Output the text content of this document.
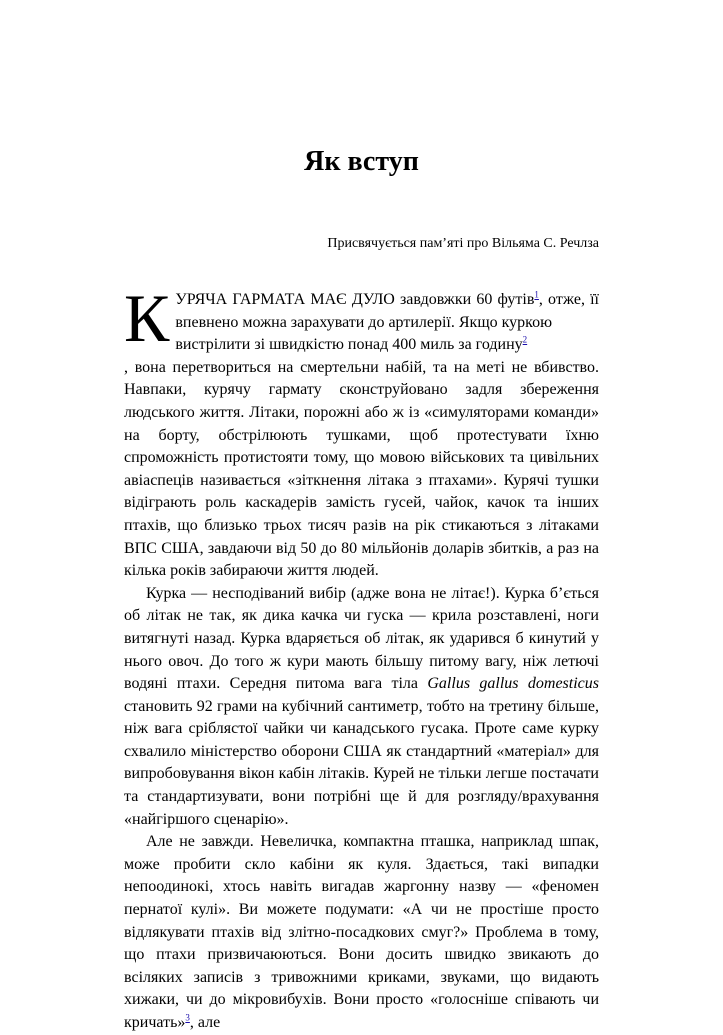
Як вступ
Присвячується пам’яті про Вільяма С. Речлза

КУРЯЧА ГАРМАТА МАЄ ДУЛО завдовжки 60 футів$^1$, отже, її впевнено можна зарахувати до артилерії. Якщо куркою
вистрілити зі швидкістю понад 400 миль за годину$^2$

, вона перетвориться на смертельни набій, та на меті не вбивство. Навпаки, курячу гармату сконструйовано задля збереження людського життя. Літаки, порожні або ж із «симуляторами команди» на борту, обстрілюють тушками, щоб протестувати їхню спроможність протистояти тому, що мовою військових та цивільних авіаспеців називається «зіткнення літака з птахами». Курячі тушки відіграють роль каскадерів замість гусей, чайок, качок та інших птахів, що близько трьох тисяч разів на рік стикаються з літаками ВПС США, завдаючи від 50 до 80 мільйонів доларів збитків, а раз на кілька років забираючи життя людей.

Курка — несподіваний вибір (адже вона не літає!). Курка б’ється об літак не так, як дика качка чи гуска — крила розставлені, ноги витягнуті назад. Курка вдаряється об літак, як ударився б кинутий у нього овоч. До того ж кури мають більшу питому вагу, ніж летючі водяні птахи. Середня питома вага тіла Gallus gallus domesticus становить 92 грами на кубічний сантиметр, тобто на третину більше, ніж вага сріблястої чайки чи канадського гусака. Проте саме курку схвалило міністерство оборони США як стандартний «матеріал» для випробовування вікон кабін літаків. Курей не тільки легше постачати та стандартизувати, вони потрібні ще й для розгляду/врахування «найгіршого сценарію».

Але не завжди. Невеличка, компактна пташка, наприклад шпак, може пробити скло кабіни як куля. Здається, такі випадки непоодинокі, хтось навіть вигадав жаргонну назву — «феномен пернатої кулі». Ви можете подумати: «А чи не простіше просто відлякувати птахів від злітно-посадкових смуг?» Проблема в тому, що птахи призвичаюються. Вони досить швидко звикають до всіляких записів з тривожними криками, звуками, що видають хижаки, чи до мікровибухів. Вони просто «голосніше співають чи кричать»$^3$, але
